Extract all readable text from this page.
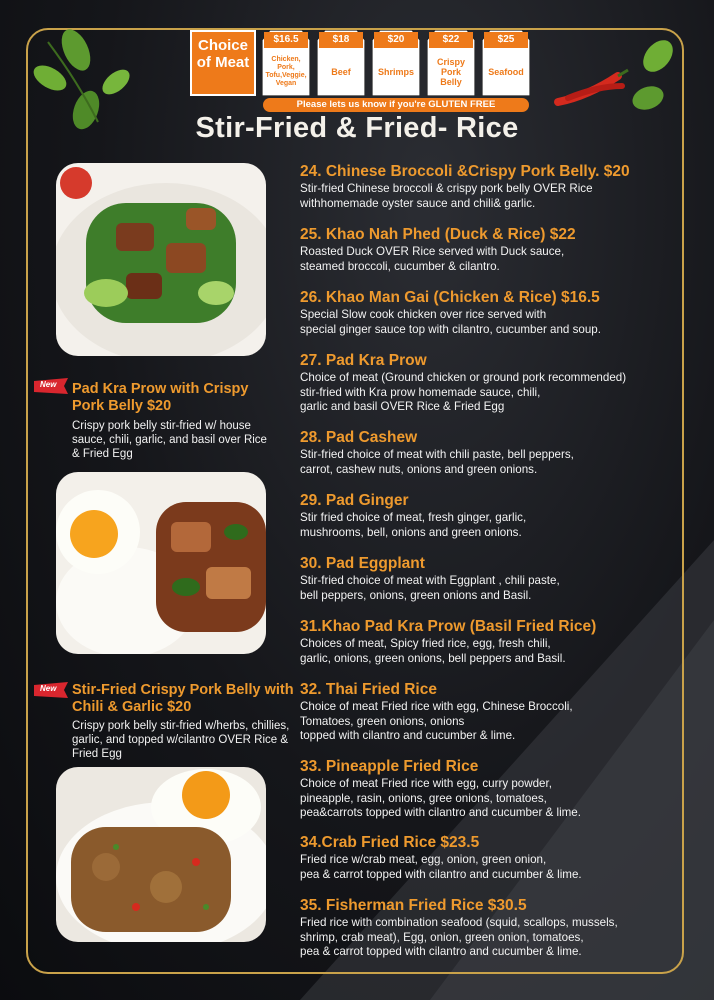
Choice of Meat
$16.5
Chicken, Pork, Tofu,Veggie, Vegan
$18
Beef
$20
Shrimps
$22
Crispy Pork Belly
$25
Seafood
Please lets us know if you're GLUTEN FREE
Stir-Fried & Fried- Rice
New Pad Kra Prow with Crispy Pork Belly $20
Crispy pork belly stir-fried w/ house sauce, chili, garlic, and basil over Rice & Fried Egg
New Stir-Fried Crispy Pork Belly with Chili & Garlic $20
Crispy pork belly stir-fried w/herbs, chillies, garlic, and topped w/cilantro OVER Rice & Fried Egg
24. Chinese Broccoli &Crispy Pork Belly. $20
Stir-fried Chinese broccoli & crispy pork belly OVER Rice
withhomemade oyster sauce and chili& garlic.
25. Khao Nah Phed (Duck & Rice) $22
Roasted Duck OVER Rice served with Duck sauce,
steamed broccoli, cucumber & cilantro.
26. Khao Man Gai (Chicken & Rice) $16.5
Special Slow cook chicken over rice served with
special ginger sauce top with cilantro, cucumber and soup.
27. Pad Kra Prow
Choice of meat (Ground chicken or ground pork recommended)
stir-fried with Kra prow homemade sauce, chili,
garlic and basil OVER Rice & Fried Egg
28. Pad Cashew
Stir-fried choice of meat with chili paste, bell peppers,
carrot, cashew nuts, onions and green onions.
29. Pad Ginger
Stir fried choice of meat, fresh ginger, garlic,
mushrooms, bell, onions and green onions.
30. Pad Eggplant
Stir-fried choice of meat with Eggplant , chili paste,
bell peppers, onions, green onions and Basil.
31.Khao Pad Kra Prow (Basil Fried Rice)
Choices of meat, Spicy fried rice, egg, fresh chili,
garlic, onions, green onions, bell peppers and Basil.
32. Thai Fried Rice
Choice of meat Fried rice with egg, Chinese Broccoli,
Tomatoes, green onions, onions
topped with cilantro and cucumber & lime.
33. Pineapple Fried Rice
Choice of meat Fried rice with egg, curry powder,
pineapple, rasin, onions, gree onions, tomatoes,
pea&carrots topped with cilantro and cucumber & lime.
34.Crab Fried Rice $23.5
Fried rice w/crab meat, egg, onion, green onion,
pea & carrot topped with cilantro and cucumber & lime.
35. Fisherman Fried Rice $30.5
Fried rice with combination seafood (squid, scallops, mussels,
shrimp, crab meat), Egg, onion, green onion, tomatoes,
pea & carrot topped with cilantro and cucumber & lime.
